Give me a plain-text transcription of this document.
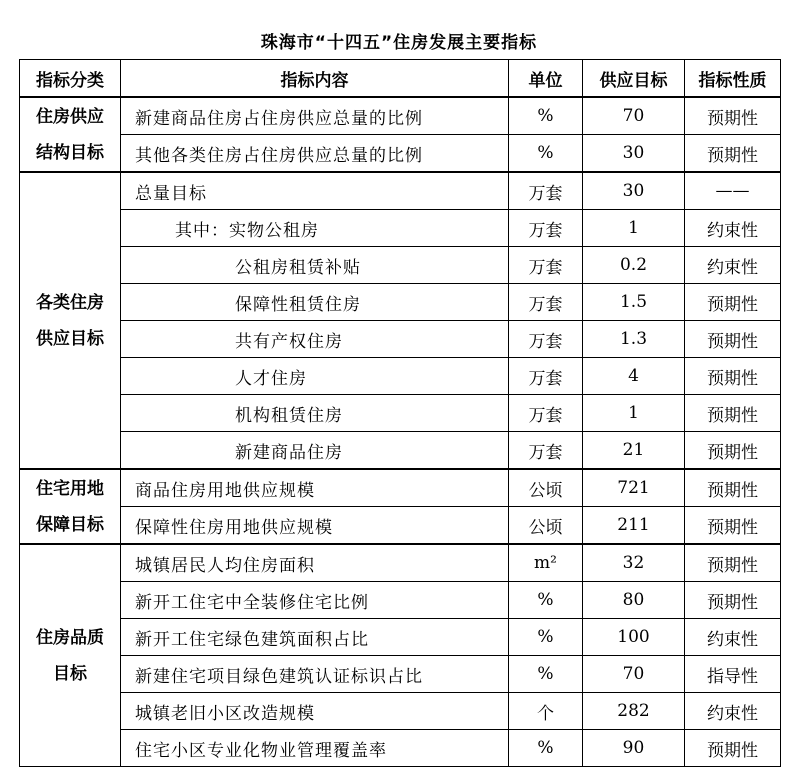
珠海市“十四五”住房发展主要指标
指标分类	指标内容	单位	供应目标	指标性质

住房供应
结构目标	新建商品住房占住房供应总量的比例	%	70	预期性
	其他各类住房占住房供应总量的比例	%	30	预期性

各类住房
供应目标	总量目标	万套	30	——
	其中：实物公租房	万套	1	约束性
	公租房租赁补贴	万套	0.2	约束性
	保障性租赁住房	万套	1.5	预期性
	共有产权住房	万套	1.3	预期性
	人才住房	万套	4	预期性
	机构租赁住房	万套	1	预期性
	新建商品住房	万套	21	预期性

住宅用地
保障目标	商品住房用地供应规模	公顷	721	预期性
	保障性住房用地供应规模	公顷	211	预期性

住房品质
目标	城镇居民人均住房面积	m²	32	预期性
	新开工住宅中全装修住宅比例	%	80	预期性
	新开工住宅绿色建筑面积占比	%	100	约束性
	新建住宅项目绿色建筑认证标识占比	%	70	指导性
	城镇老旧小区改造规模	个	282	约束性
	住宅小区专业化物业管理覆盖率	%	90	预期性
